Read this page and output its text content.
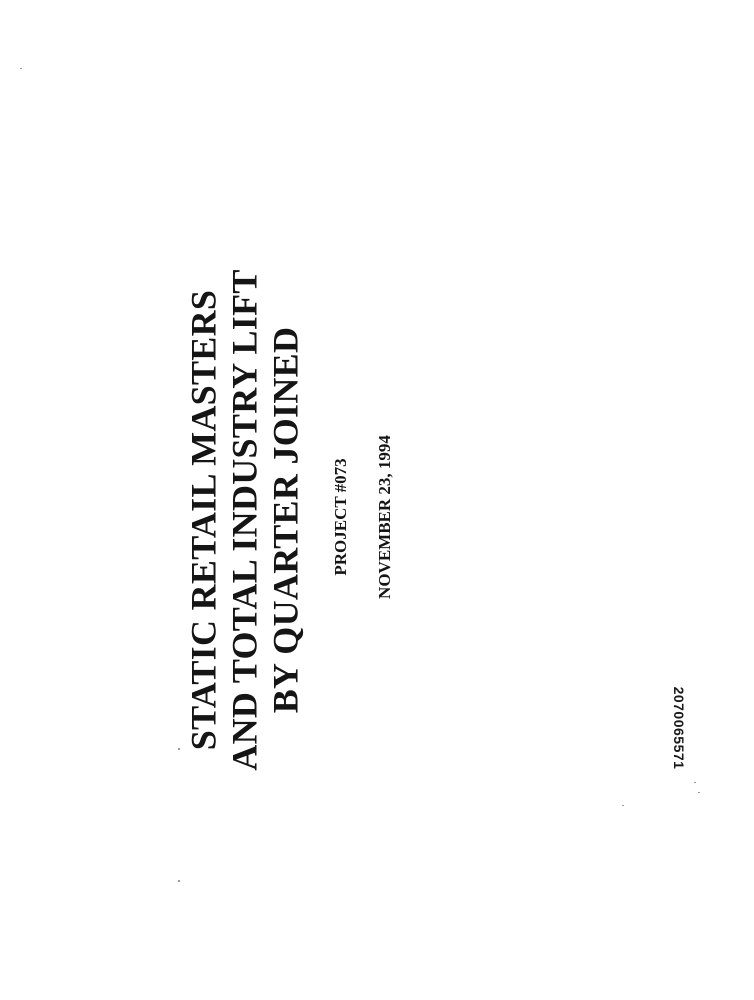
STATIC RETAIL MASTERS AND TOTAL INDUSTRY LIFT BY QUARTER JOINED PROJECT #073 NOVEMBER 23, 1994
2070065571
